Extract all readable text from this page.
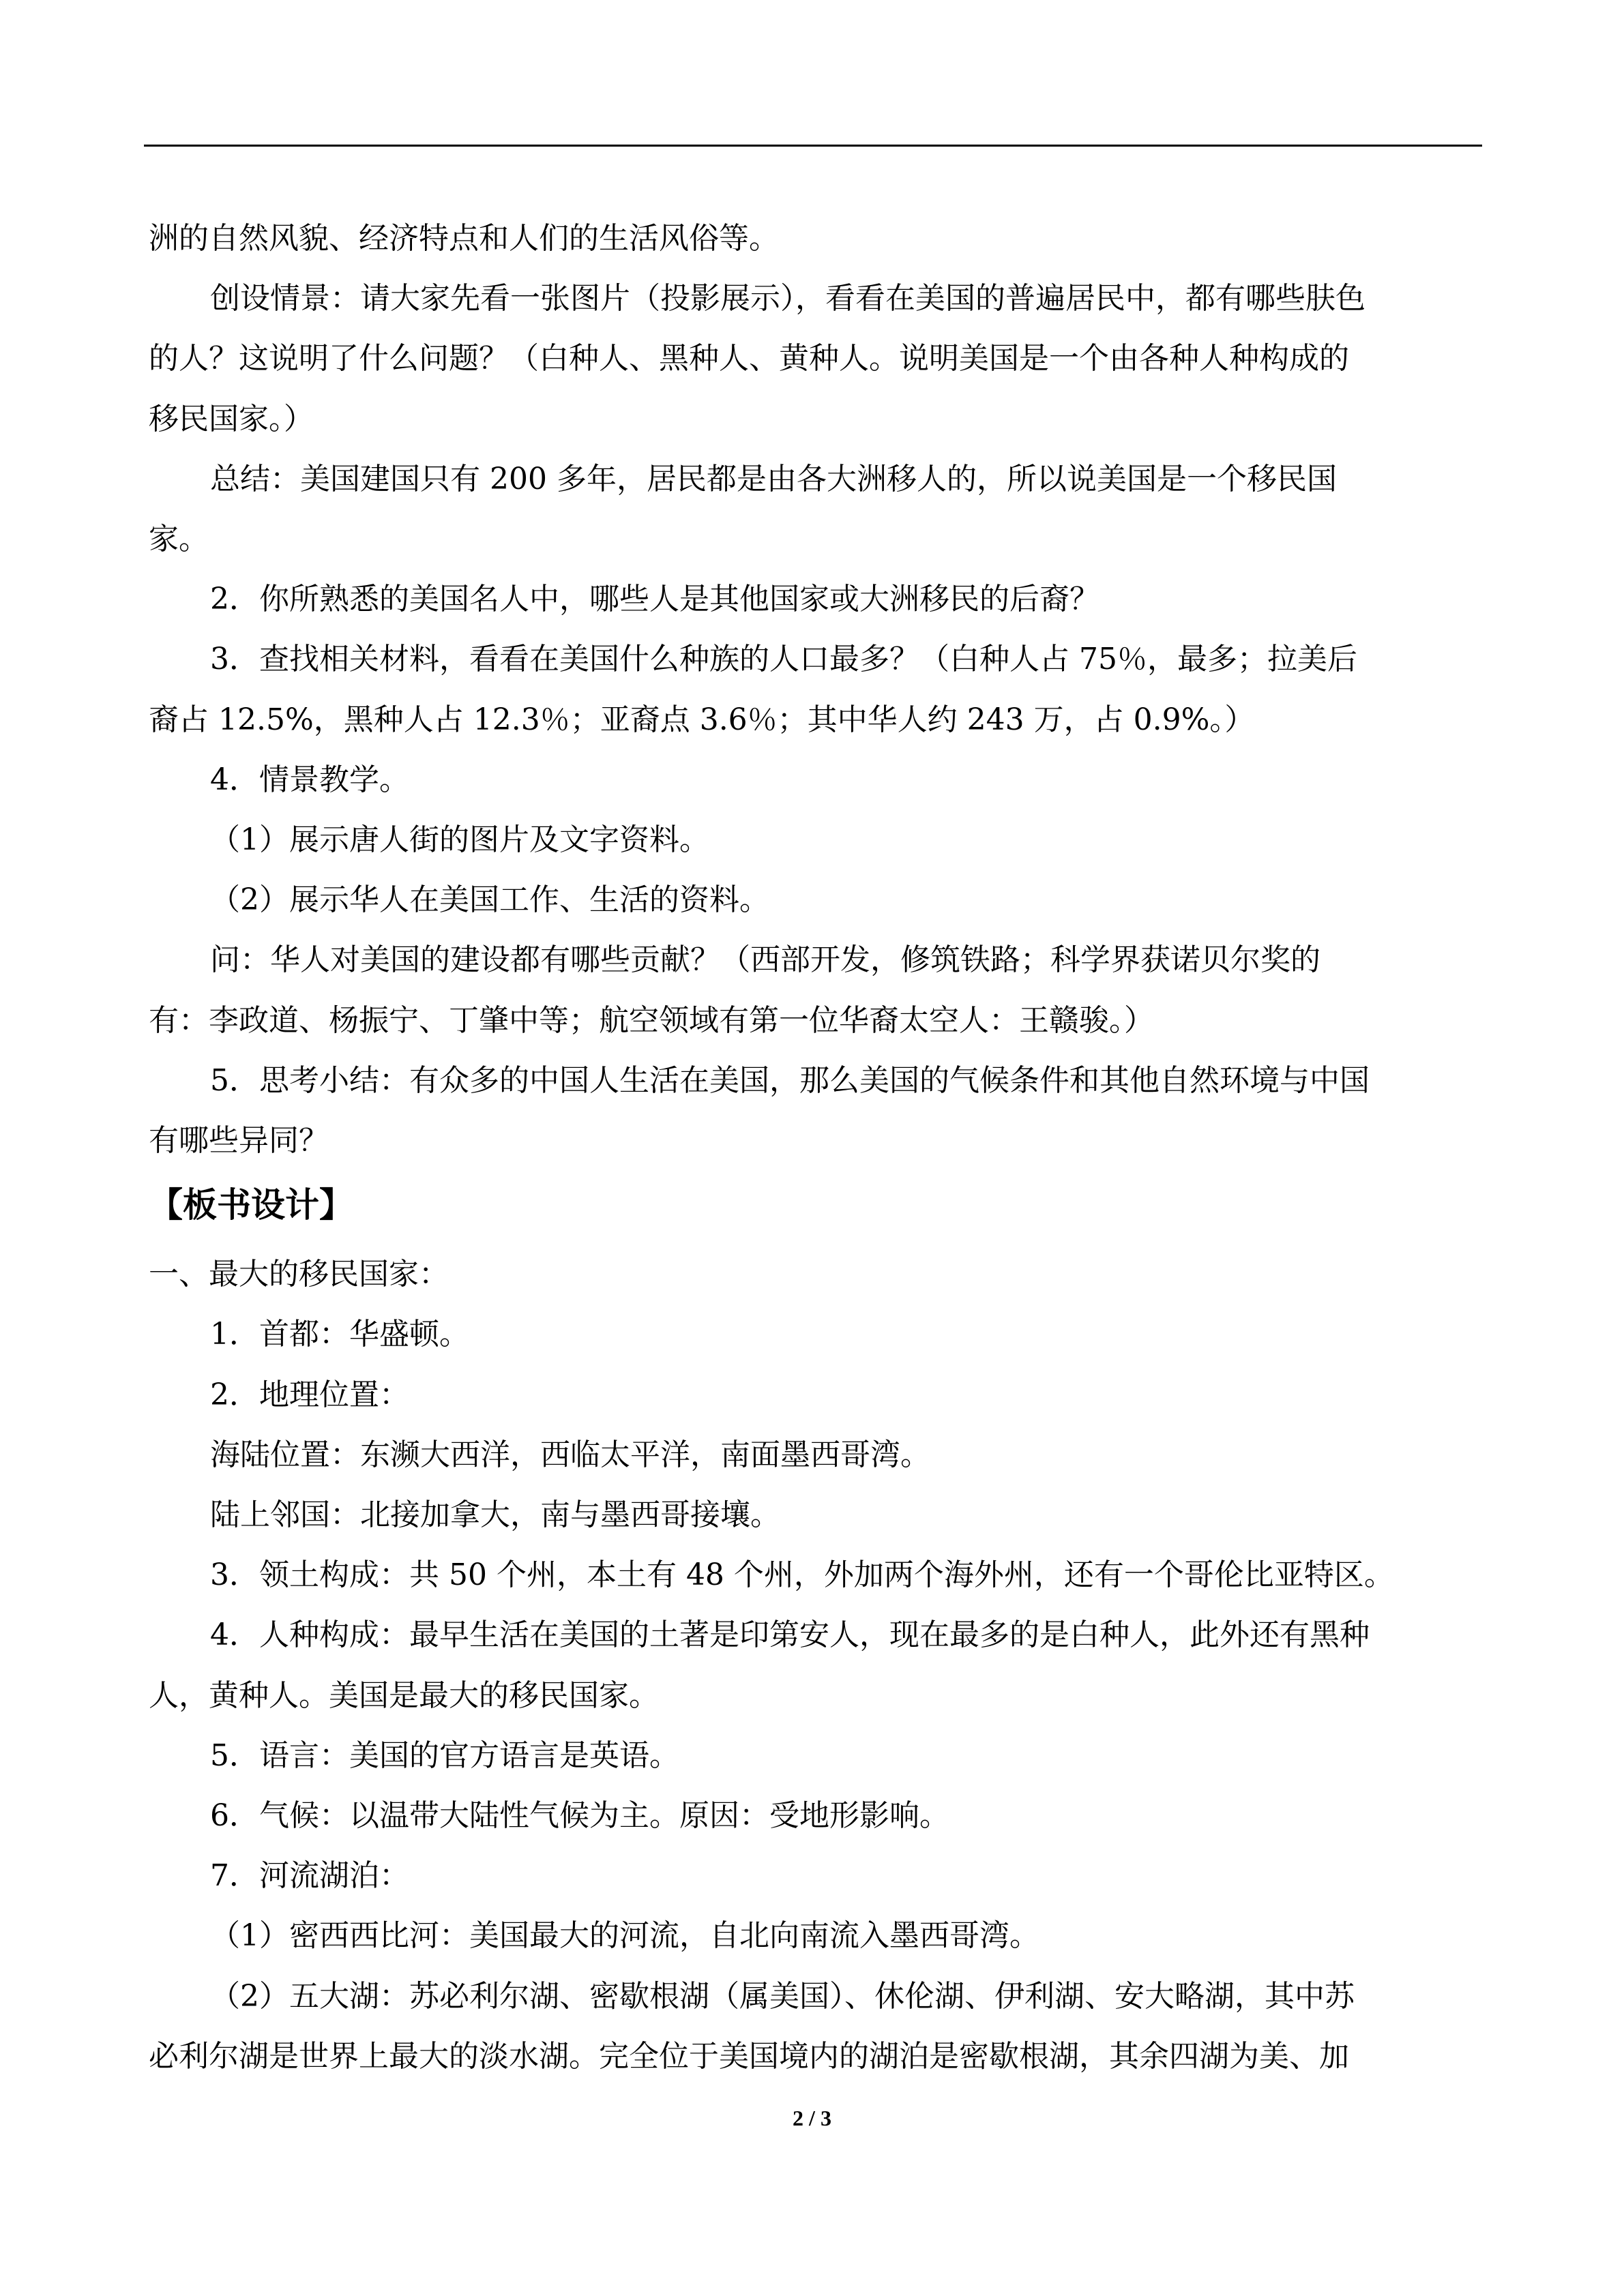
洲的自然风貌、经济特点和人们的生活风俗等。

创设情景：请大家先看一张图片（投影展示），看看在美国的普遍居民中，都有哪些肤色

的人？这说明了什么问题？（白种人、黑种人、黄种人。说明美国是一个由各种人种构成的

移民国家。）

总结：美国建国只有 200 多年，居民都是由各大洲移人的，所以说美国是一个移民国

家。

2．你所熟悉的美国名人中，哪些人是其他国家或大洲移民的后裔？

3．查找相关材料，看看在美国什么种族的人口最多？（白种人占 75％，最多；拉美后

裔占 12.5%，黑种人占 12.3％；亚裔点 3.6％；其中华人约 243 万，占 0.9%。）

4．情景教学。

（1）展示唐人街的图片及文字资料。

（2）展示华人在美国工作、生活的资料。

问：华人对美国的建设都有哪些贡献？（西部开发，修筑铁路；科学界获诺贝尔奖的

有：李政道、杨振宁、丁肇中等；航空领域有第一位华裔太空人：王赣骏。）

5．思考小结：有众多的中国人生活在美国，那么美国的气候条件和其他自然环境与中国

有哪些异同？

【板书设计】

一、最大的移民国家：

1．首都：华盛顿。

2．地理位置：

海陆位置：东濒大西洋，西临太平洋，南面墨西哥湾。

陆上邻国：北接加拿大，南与墨西哥接壤。

3．领土构成：共 50 个州，本土有 48 个州，外加两个海外州，还有一个哥伦比亚特区。

4．人种构成：最早生活在美国的土著是印第安人，现在最多的是白种人，此外还有黑种

人，黄种人。美国是最大的移民国家。

5．语言：美国的官方语言是英语。

6．气候：以温带大陆性气候为主。原因：受地形影响。

7．河流湖泊：

（1）密西西比河：美国最大的河流，自北向南流入墨西哥湾。

（2）五大湖：苏必利尔湖、密歇根湖（属美国）、休伦湖、伊利湖、安大略湖，其中苏

必利尔湖是世界上最大的淡水湖。完全位于美国境内的湖泊是密歇根湖，其余四湖为美、加

2 / 3
